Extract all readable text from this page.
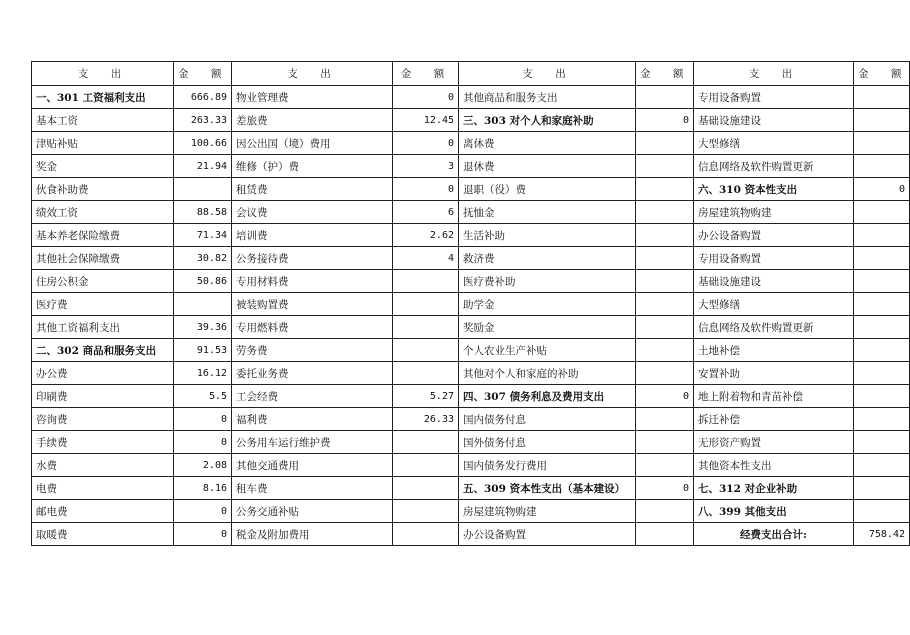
支　出	金　额	支　出	金　额	支　出	金　额	支　出	金　额
一、301 工资福利支出	666.89	物业管理费	0	其他商品和服务支出		专用设备购置	
基本工资	263.33	差旅费	12.45	三、303 对个人和家庭补助	0	基础设施建设	
津贴补贴	100.66	因公出国（境）费用	0	离休费		大型修缮	
奖金	21.94	维修（护）费	3	退休费		信息网络及软件购置更新	
伙食补助费		租赁费	0	退职（役）费		六、310 资本性支出	0
绩效工资	88.58	会议费	6	抚恤金		房屋建筑物购建	
基本养老保险缴费	71.34	培训费	2.62	生活补助		办公设备购置	
其他社会保障缴费	30.82	公务接待费	4	救济费		专用设备购置	
住房公积金	50.86	专用材料费		医疗费补助		基础设施建设	
医疗费		被装购置费		助学金		大型修缮	
其他工资福利支出	39.36	专用燃料费		奖励金		信息网络及软件购置更新	
二、302 商品和服务支出	91.53	劳务费		个人农业生产补贴		土地补偿	
办公费	16.12	委托业务费		其他对个人和家庭的补助		安置补助	
印刷费	5.5	工会经费	5.27	四、307 债务利息及费用支出	0	地上附着物和青苗补偿	
咨询费	0	福利费	26.33	国内债务付息		拆迁补偿	
手续费	0	公务用车运行维护费		国外债务付息		无形资产购置	
水费	2.08	其他交通费用		国内债务发行费用		其他资本性支出	
电费	8.16	租车费		五、309 资本性支出（基本建设）	0	七、312 对企业补助	
邮电费	0	公务交通补贴		房屋建筑物购建		八、399 其他支出	
取暖费	0	税金及附加费用		办公设备购置		经费支出合计:	758.42
